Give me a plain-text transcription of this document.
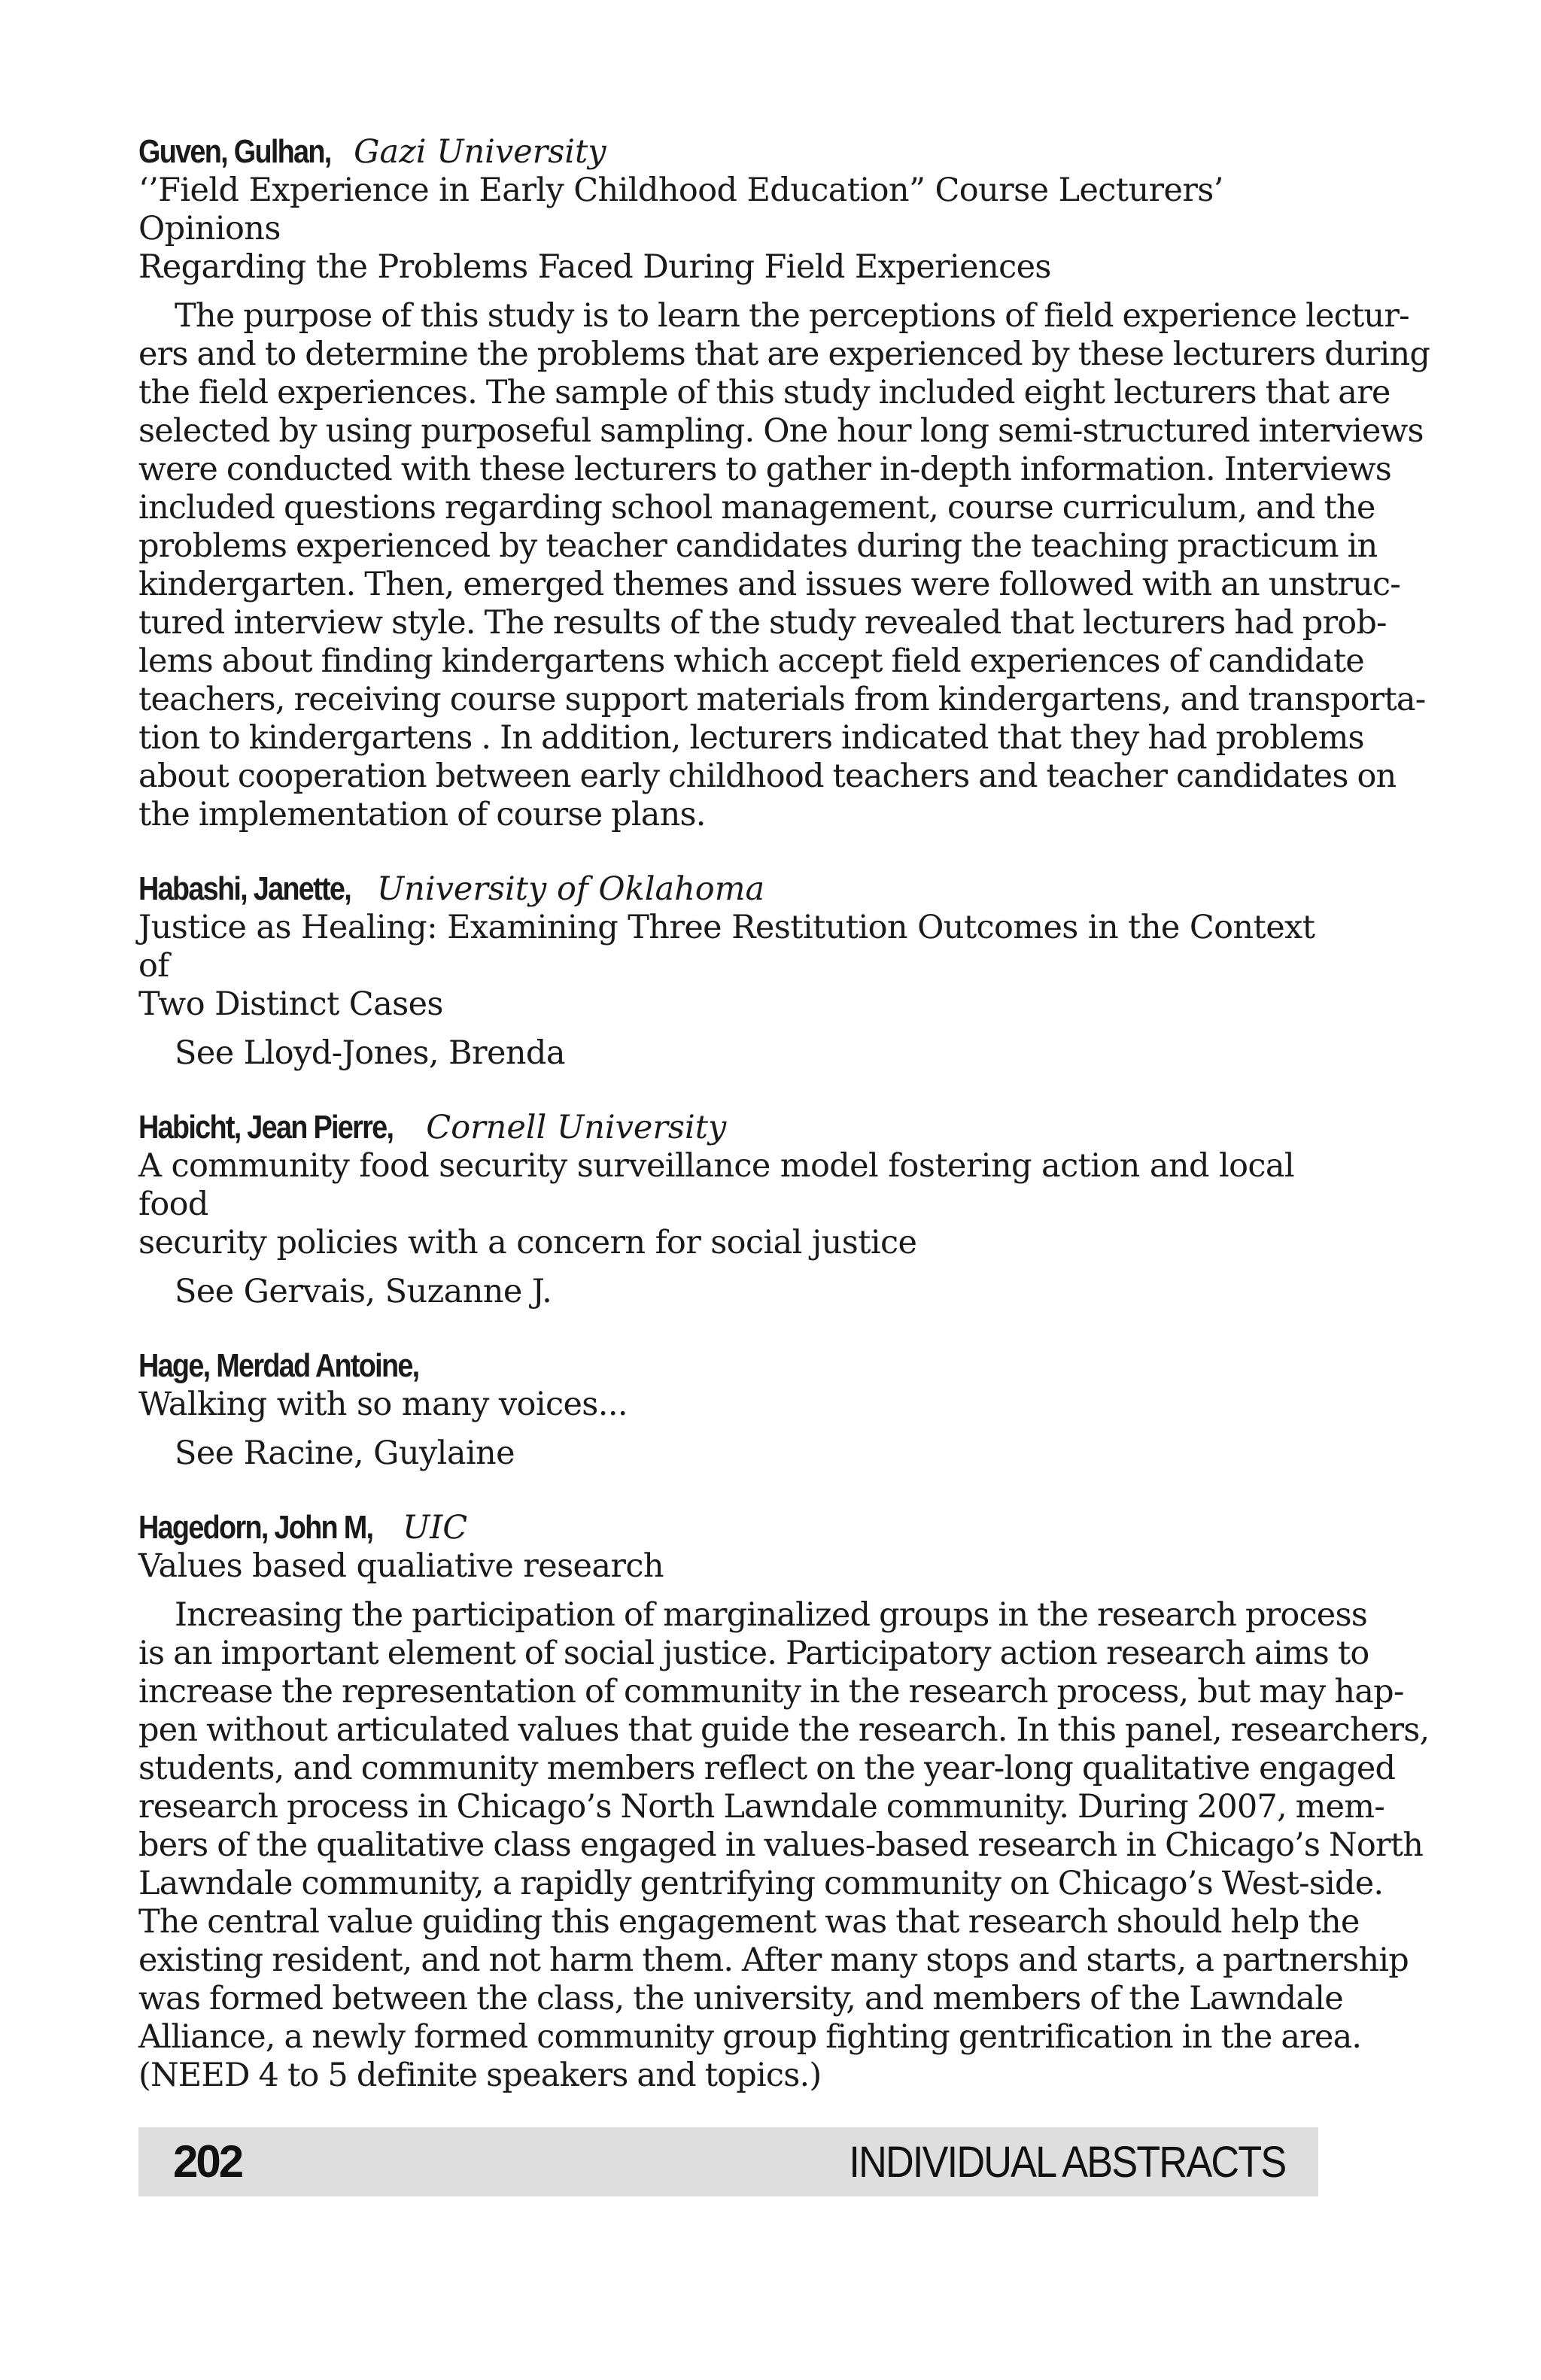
Guven, Gulhan, Gazi University

‘’Field Experience in Early Childhood Education” Course Lecturers’ Opinions
Regarding the Problems Faced During Field Experiences
The purpose of this study is to learn the perceptions of field experience lectur-
ers and to determine the problems that are experienced by these lecturers during
the field experiences. The sample of this study included eight lecturers that are
selected by using purposeful sampling. One hour long semi-structured interviews
were conducted with these lecturers to gather in-depth information. Interviews
included questions regarding school management, course curriculum, and the
problems experienced by teacher candidates during the teaching practicum in
kindergarten. Then, emerged themes and issues were followed with an unstruc-
tured interview style. The results of the study revealed that lecturers had prob-
lems about finding kindergartens which accept field experiences of candidate
teachers, receiving course support materials from kindergartens, and transporta-
tion to kindergartens . In addition, lecturers indicated that they had problems
about cooperation between early childhood teachers and teacher candidates on
the implementation of course plans.

Habashi, Janette, University of Oklahoma

Justice as Healing: Examining Three Restitution Outcomes in the Context of
Two Distinct Cases

See Lloyd-Jones, Brenda

Habicht, Jean Pierre, Cornell University

A community food security surveillance model fostering action and local food
security policies with a concern for social justice

See Gervais, Suzanne J.

Hage, Merdad Antoine,

Walking with so many voices...

See Racine, Guylaine

Hagedorn, John M, UIC

Values based qualiative research
Increasing the participation of marginalized groups in the research process
is an important element of social justice. Participatory action research aims to
increase the representation of community in the research process, but may hap-
pen without articulated values that guide the research. In this panel, researchers,
students, and community members reflect on the year-long qualitative engaged
research process in Chicago’s North Lawndale community. During 2007, mem-
bers of the qualitative class engaged in values-based research in Chicago’s North
Lawndale community, a rapidly gentrifying community on Chicago’s West-side.
The central value guiding this engagement was that research should help the
existing resident, and not harm them. After many stops and starts, a partnership
was formed between the class, the university, and members of the Lawndale
Alliance, a newly formed community group fighting gentrification in the area.
(NEED 4 to 5 definite speakers and topics.)
202	INDIVIDUAL ABSTRACTS
